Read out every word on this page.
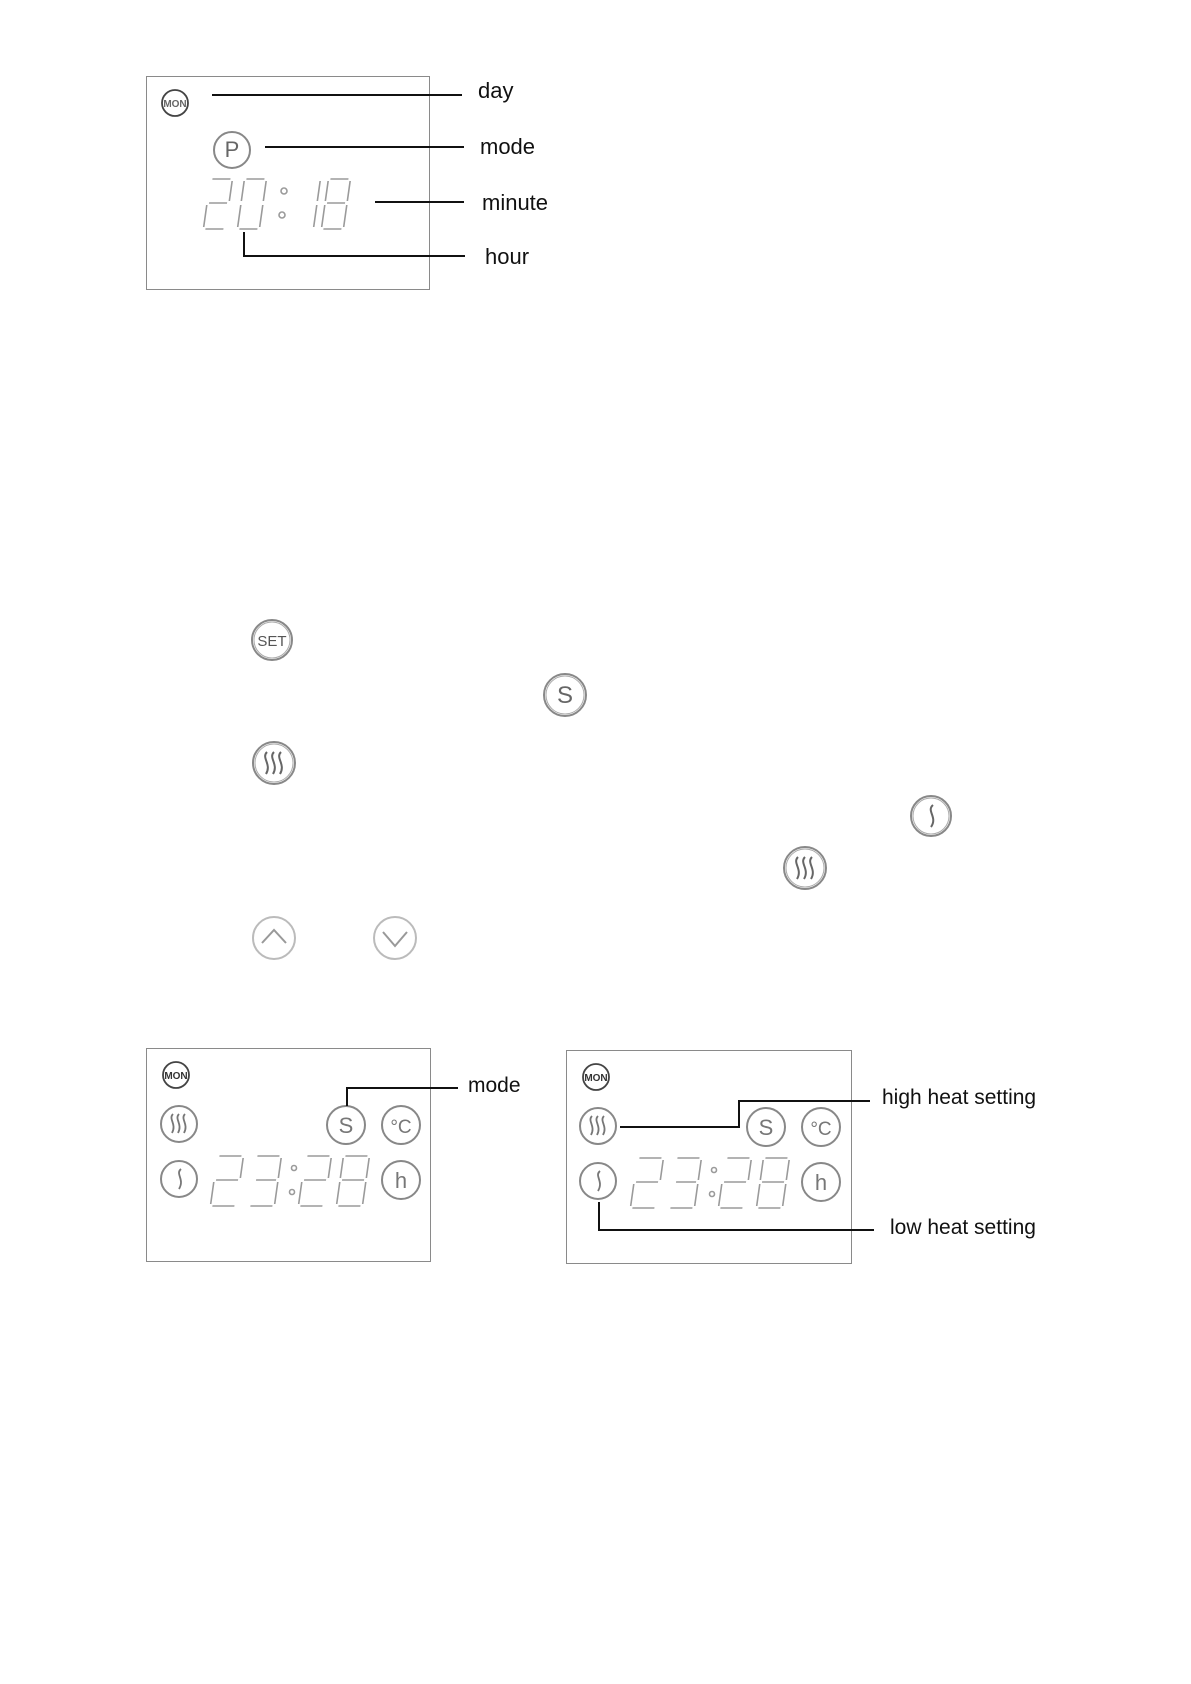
MON
P
day
mode
minute
hour
SET
S
MON
S °C
h
mode	MON
S °C
h
high heat setting
low heat setting
